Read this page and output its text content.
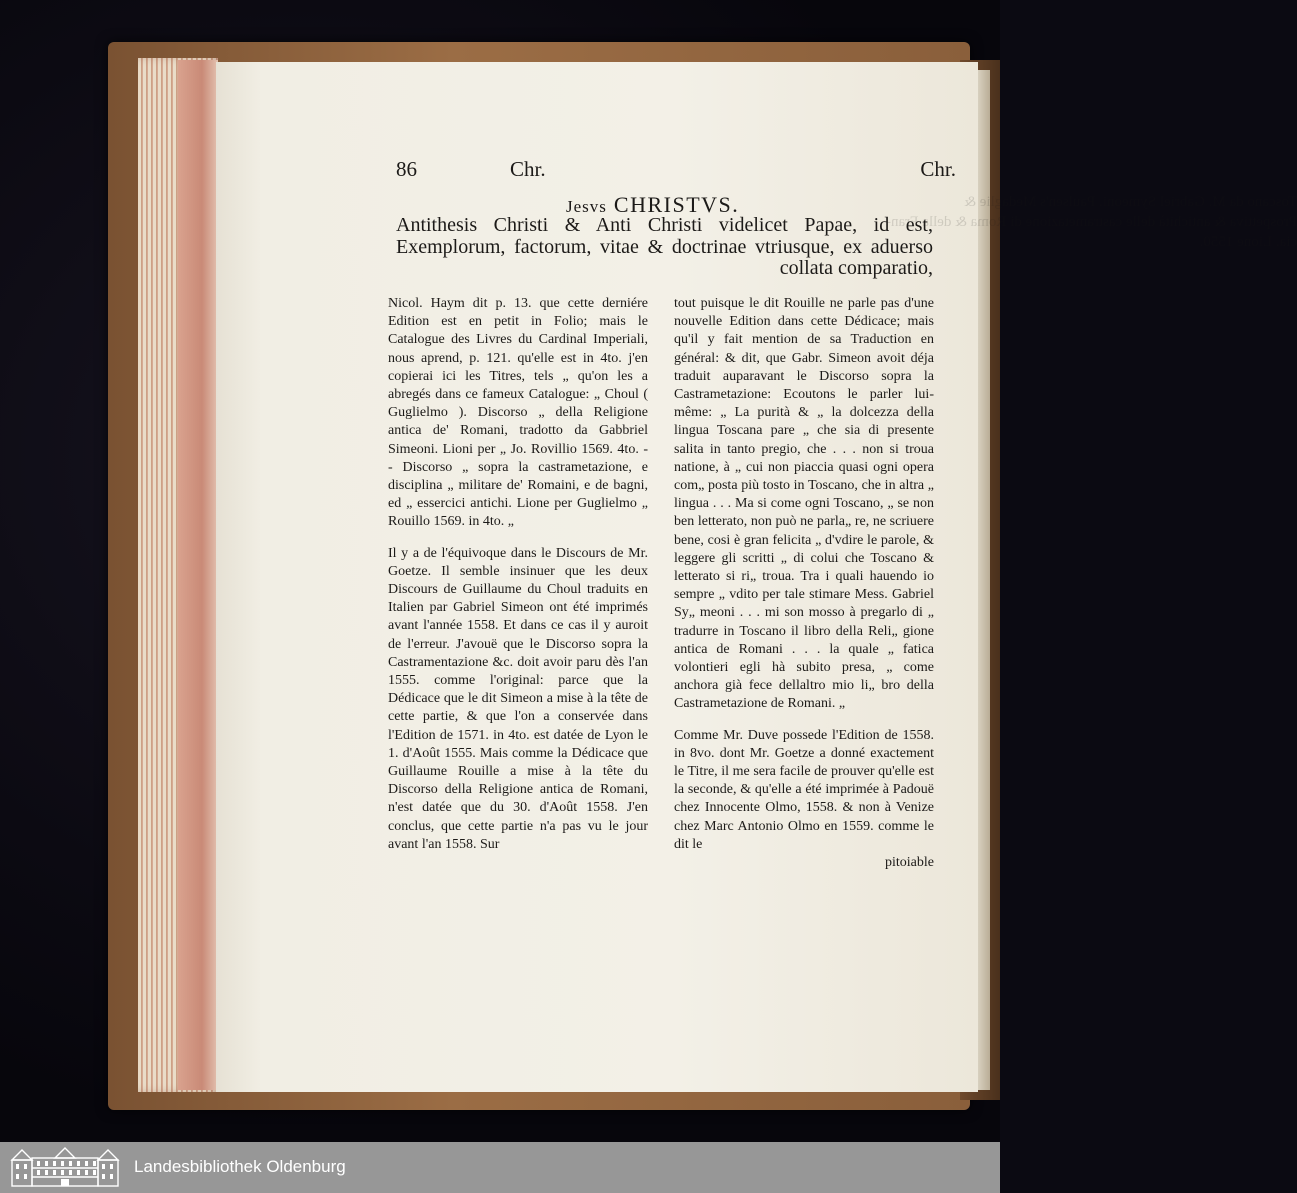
86	Chr.	Chr.
Toscano da M. Gabriel Symeoni. Paulsen's Medaglie &
Prospettiva & antichità delle castrametazione di Roma & della Fran-
cia. Lione 1550.
Jesvs CHRISTVS.
Antithesis Christi & Anti Christi videlicet Papae, id est, Exemplorum, factorum, vitae & doctrinae vtriusque, ex aduerso collata comparatio,

Nicol. Haym dit p. 13. que cette derniére Edition est en petit in Folio; mais le Catalogue des Livres du Cardinal Imperiali, nous aprend, p. 121. qu'elle est in 4to. j'en copierai ici les Titres, tels „ qu'on les a abregés dans ce fameux Catalogue: „ Choul ( Guglielmo ). Discorso „ della Religione antica de' Romani, tradotto da Gabbriel Simeoni. Lioni per „ Jo. Rovillio 1569. 4to. - - Discorso „ sopra la castrametazione, e disciplina „ militare de' Romaini, e de bagni, ed „ essercici antichi. Lione per Guglielmo „ Rouillo 1569. in 4to. „

Il y a de l'équivoque dans le Discours de Mr. Goetze. Il semble insinuer que les deux Discours de Guillaume du Choul traduits en Italien par Gabriel Simeon ont été imprimés avant l'année 1558. Et dans ce cas il y auroit de l'erreur. J'avouë que le Discorso sopra la Castramentazione &c. doit avoir paru dès l'an 1555. comme l'original: parce que la Dédicace que le dit Simeon a mise à la tête de cette partie, & que l'on a conservée dans l'Edition de 1571. in 4to. est datée de Lyon le 1. d'Août 1555. Mais comme la Dédicace que Guillaume Rouille a mise à la tête du Discorso della Religione antica de Romani, n'est datée que du 30. d'Août 1558. J'en conclus, que cette partie n'a pas vu le jour avant l'an 1558. Sur

tout puisque le dit Rouille ne parle pas d'une nouvelle Edition dans cette Dédicace; mais qu'il y fait mention de sa Traduction en général: & dit, que Gabr. Simeon avoit déja traduit auparavant le Discorso sopra la Castrametazione: Ecoutons le parler lui-même: „ La purità & „ la dolcezza della lingua Toscana pare „ che sia di presente salita in tanto pregio, che . . . non si troua natione, à „ cui non piaccia quasi ogni opera com„ posta più tosto in Toscano, che in altra „ lingua . . . Ma si come ogni Toscano, „ se non ben letterato, non può ne parla„ re, ne scriuere bene, cosi è gran felicita „ d'vdire le parole, & leggere gli scritti „ di colui che Toscano & letterato si ri„ troua. Tra i quali hauendo io sempre „ vdito per tale stimare Mess. Gabriel Sy„ meoni . . . mi son mosso à pregarlo di „ tradurre in Toscano il libro della Reli„ gione antica de Romani . . . la quale „ fatica volontieri egli hà subito presa, „ come anchora già fece dellaltro mio li„ bro della Castrametazione de Romani. „

Comme Mr. Duve possede l'Edition de 1558. in 8vo. dont Mr. Goetze a donné exactement le Titre, il me sera facile de prouver qu'elle est la seconde, & qu'elle a été imprimée à Padouë chez Innocente Olmo, 1558. & non à Venize chez Marc Antonio Olmo en 1559. comme le dit le

pitoiable

Landesbibliothek Oldenburg
